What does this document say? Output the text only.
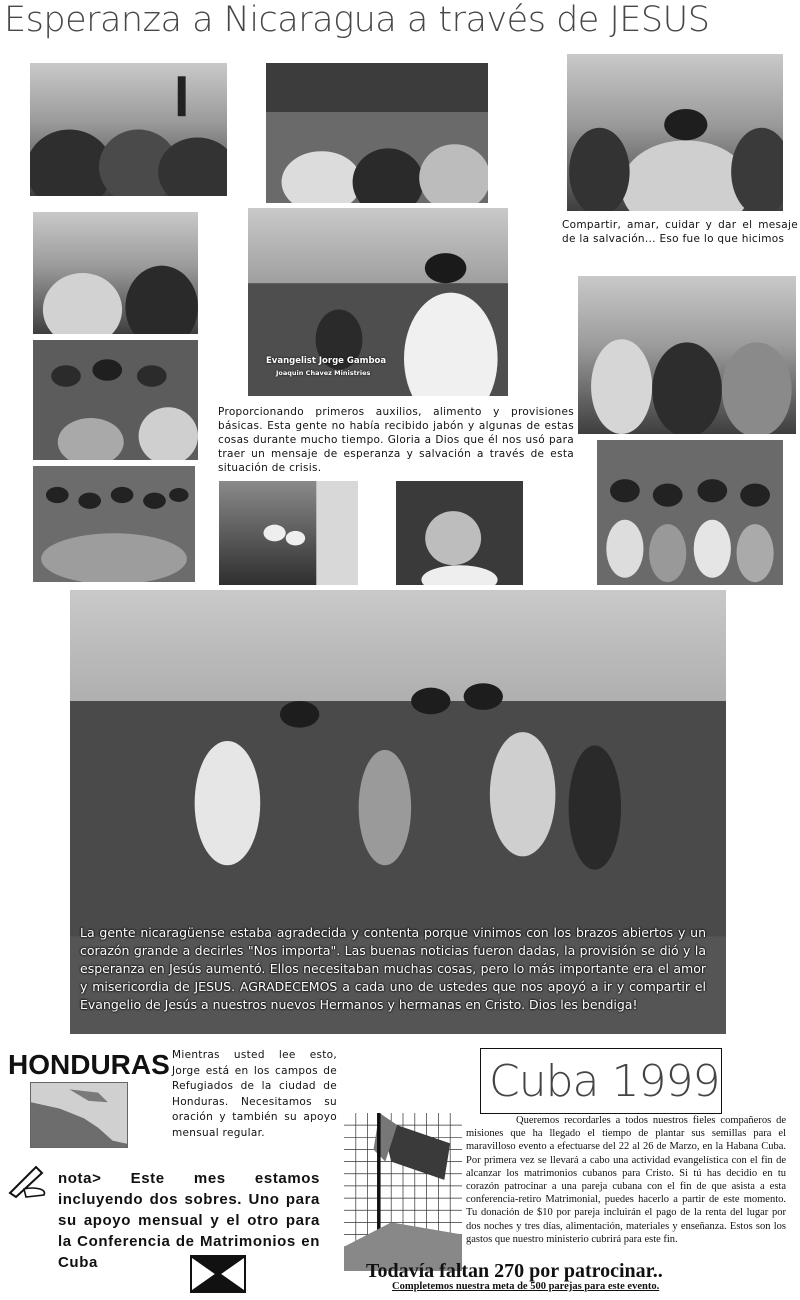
Esperanza a Nicaragua a través de JESUS
Evangelist Jorge Gamboa
Joaquin Chavez Ministries
Compartir, amar, cuidar y dar el mesaje de la salvación... Eso fue lo que hicimos
Proporcionando primeros auxilios, alimento y provisiones básicas. Esta gente no había recibido jabón y algunas de estas cosas durante mucho tiempo. Gloria a Dios que él nos usó para traer un mensaje de esperanza y salvación a través de esta situación de crisis.
La gente nicaragüense estaba agradecida y contenta porque vinimos con los brazos abiertos y un corazón grande a decirles "Nos importa". Las buenas noticias fueron dadas, la provisión se dió y la esperanza en Jesús aumentó. Ellos necesitaban muchas cosas, pero lo más importante era el amor y misericordia de JESUS. AGRADECEMOS a cada uno de ustedes que nos apoyó a ir y compartir el Evangelio de Jesús a nuestros nuevos Hermanos y hermanas en Cristo. Dios les bendiga!
HONDURAS Mientras usted lee esto, Jorge está en los campos de Refugiados de la ciudad de Honduras. Necesitamos su oración y también su apoyo mensual regular.
nota> Este mes estamos incluyendo dos sobres. Uno para su apoyo mensual y el otro para la Conferencia de Matrimonios en Cuba
Cuba 1999
Queremos recordarles a todos nuestros fieles compañeros de misiones que ha llegado el tiempo de plantar sus semillas para el maravilloso evento a efectuarse del 22 al 26 de Marzo, en la Habana Cuba. Por primera vez se llevará a cabo una actividad evangelística con el fin de alcanzar los matrimonios cubanos para Cristo. Si tú has decidio en tu corazón patrocinar a una pareja cubana con el fin de que asista a esta conferencia-retiro Matrimonial, puedes hacerlo a partir de este momento. Tu donación de $10 por pareja incluirán el pago de la renta del lugar por dos noches y tres días, alimentación, materiales y enseñanza. Estos son los gastos que nuestro ministerio cubrirá para este fin.
Todavía faltan 270 por patrocinar..
Completemos nuestra meta de 500 parejas para este evento.
